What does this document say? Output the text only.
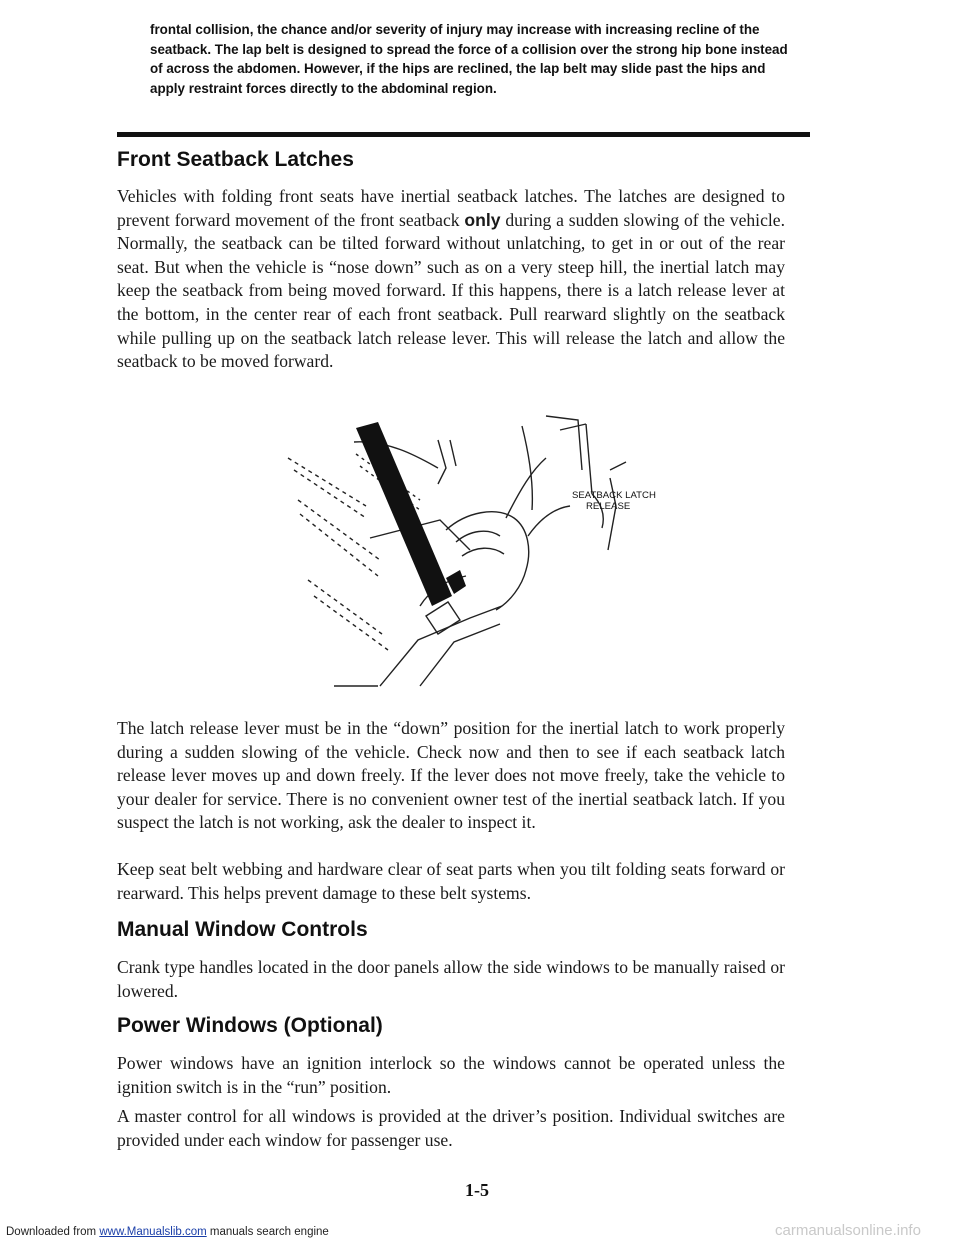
frontal collision, the chance and/or severity of injury may increase with increasing recline of the seatback. The lap belt is designed to spread the force of a collision over the strong hip bone instead of across the abdomen. However, if the hips are reclined, the lap belt may slide past the hips and apply restraint forces directly to the abdominal region.
Front Seatback Latches
Vehicles with folding front seats have inertial seatback latches. The latches are designed to prevent forward movement of the front seatback only during a sudden slowing of the vehicle. Normally, the seatback can be tilted forward without unlatching, to get in or out of the rear seat. But when the vehicle is “nose down” such as on a very steep hill, the inertial latch may keep the seatback from being moved forward. If this happens, there is a latch release lever at the bottom, in the center rear of each front seatback. Pull rearward slightly on the seatback while pulling up on the seatback latch release lever. This will release the latch and allow the seatback to be moved forward.
SEATBACK LATCH
RELEASE
The latch release lever must be in the “down” position for the inertial latch to work properly during a sudden slowing of the vehicle. Check now and then to see if each seatback latch release lever moves up and down freely. If the lever does not move freely, take the vehicle to your dealer for service. There is no convenient owner test of the inertial seatback latch. If you suspect the latch is not working, ask the dealer to inspect it.
Keep seat belt webbing and hardware clear of seat parts when you tilt folding seats forward or rearward. This helps prevent damage to these belt systems.
Manual Window Controls
Crank type handles located in the door panels allow the side windows to be manually raised or lowered.
Power Windows (Optional)
Power windows have an ignition interlock so the windows cannot be operated unless the ignition switch is in the “run” position.
A master control for all windows is provided at the driver’s position. Individual switches are provided under each window for passenger use.
1-5
Downloaded from www.Manualslib.com manuals search engine	carmanualsonline.info
